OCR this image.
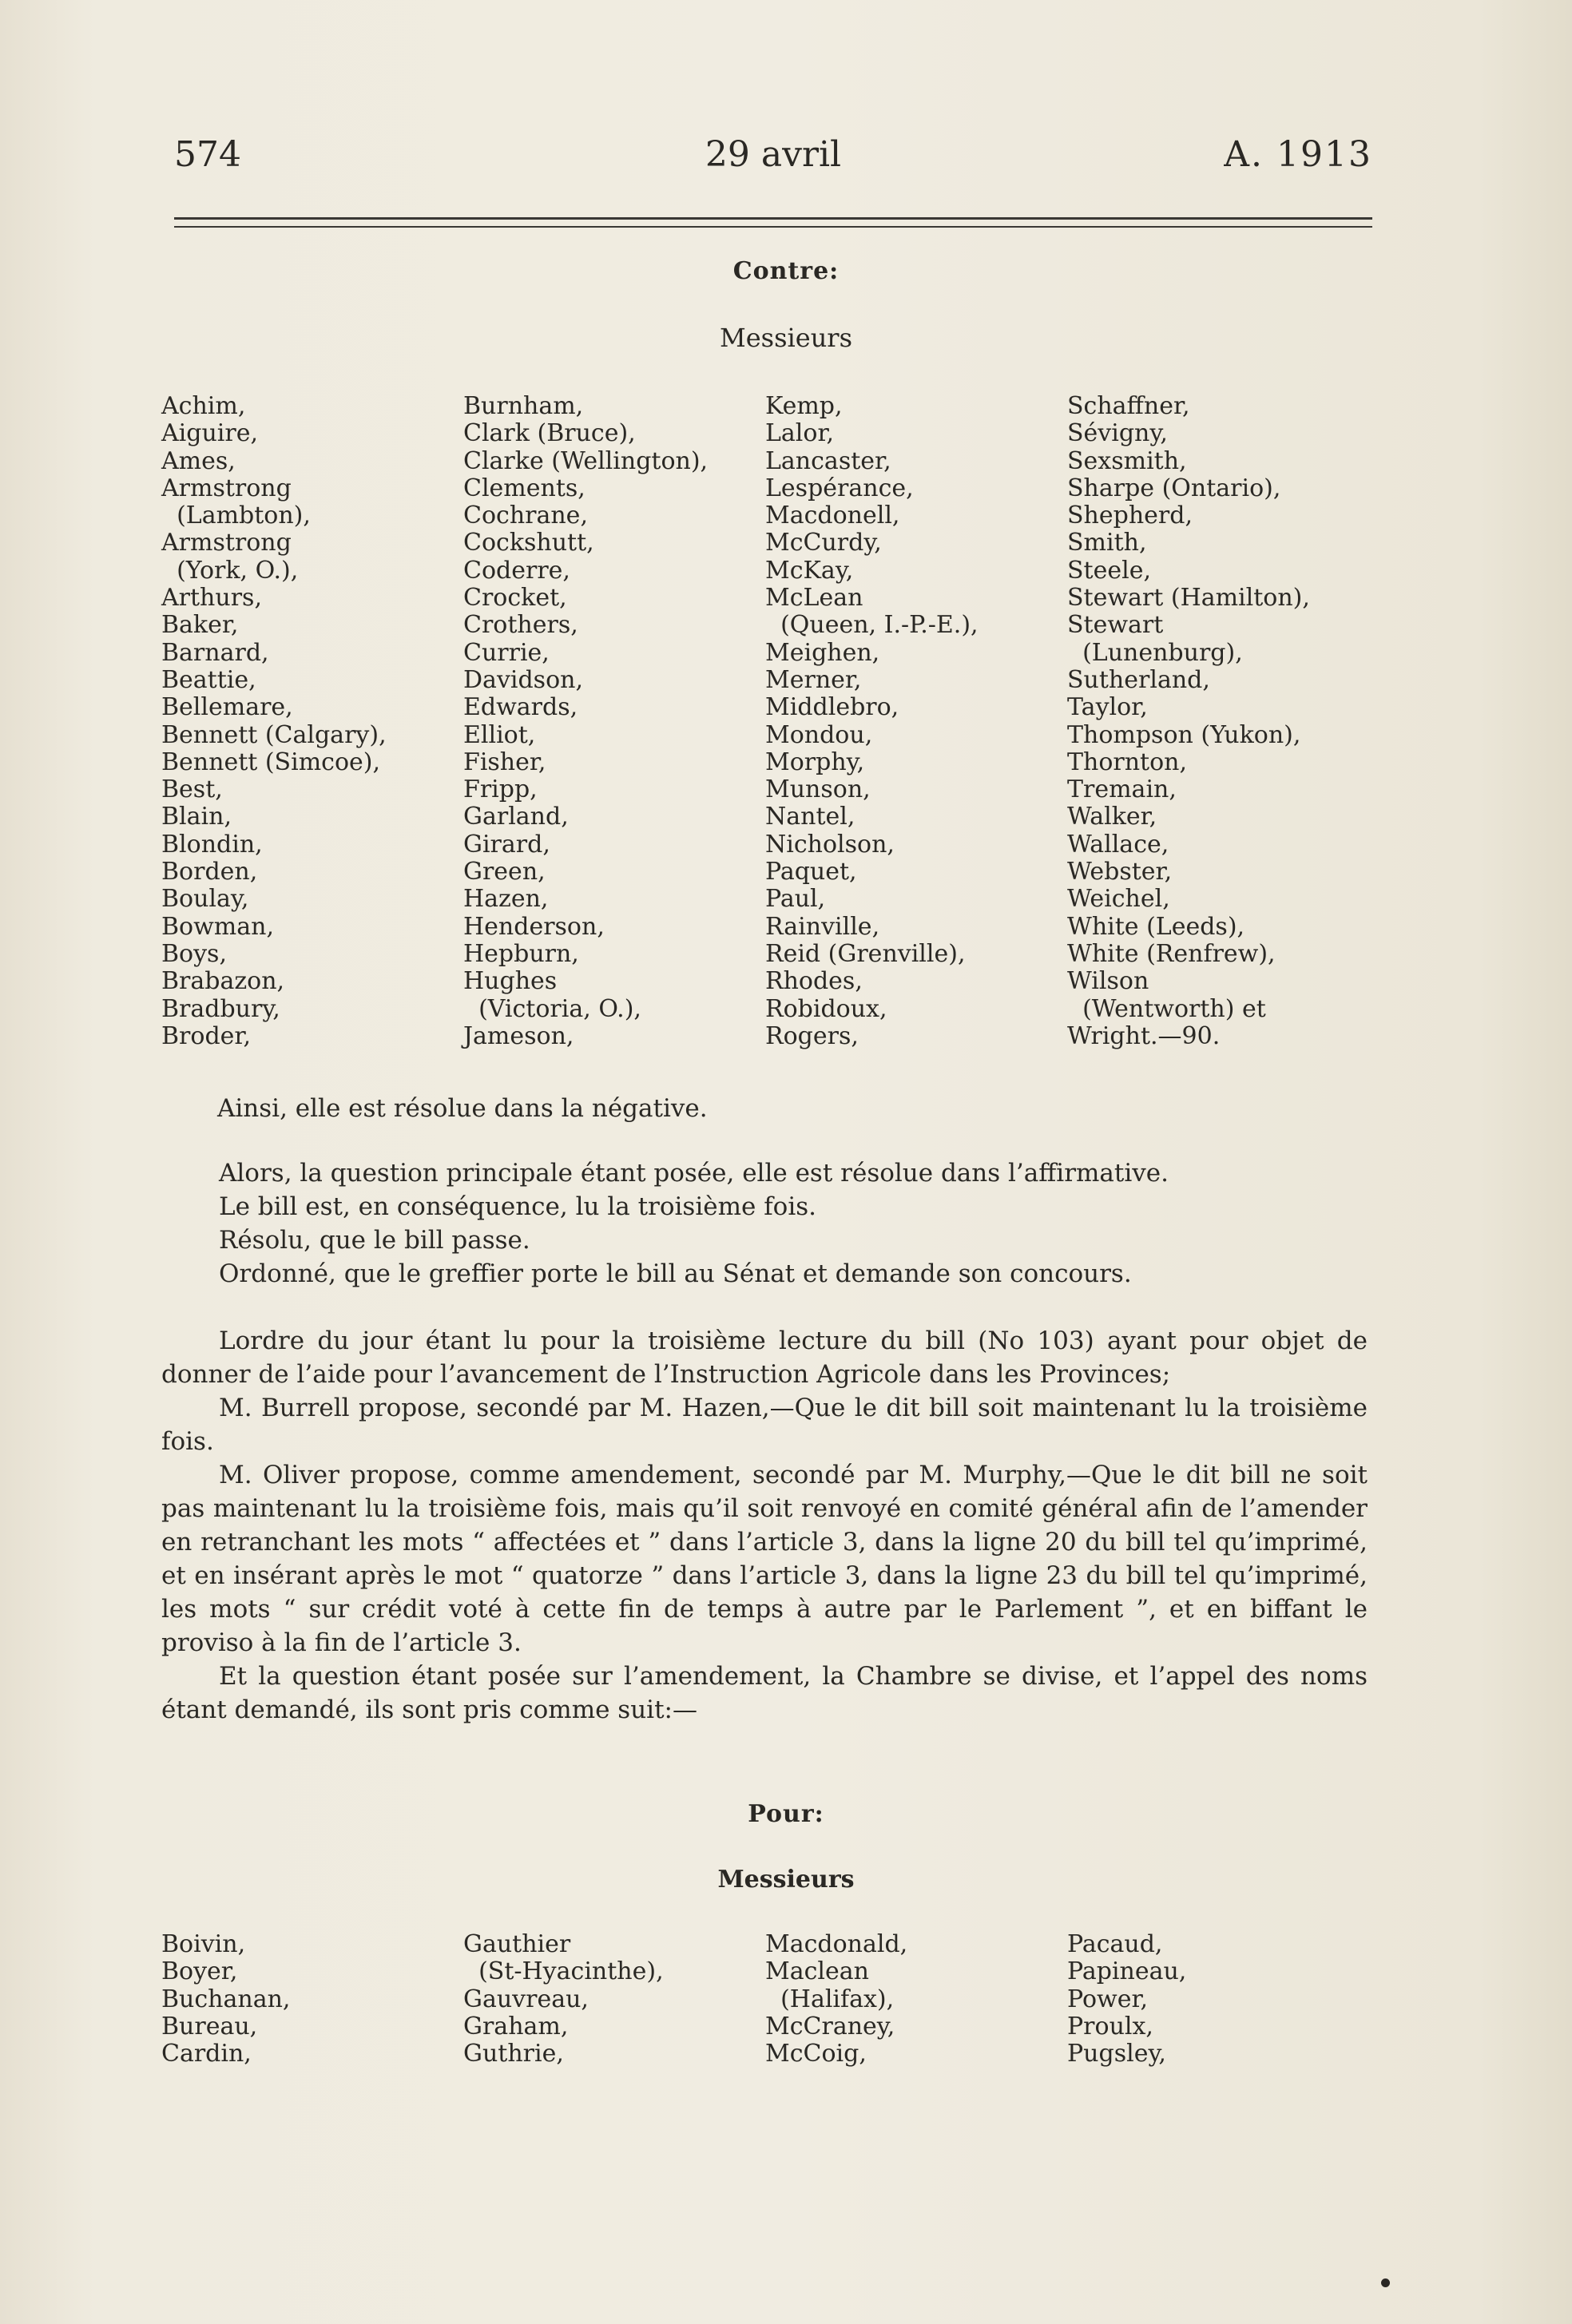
574	29 avril	A. 1913
Contre:
Messieurs
Achim,
Aiguire,
Ames,
Armstrong
(Lambton),
Armstrong
(York, O.),
Arthurs,
Baker,
Barnard,
Beattie,
Bellemare,
Bennett (Calgary),
Bennett (Simcoe),
Best,
Blain,
Blondin,
Borden,
Boulay,
Bowman,
Boys,
Brabazon,
Bradbury,
Broder,
Burnham,
Clark (Bruce),
Clarke (Wellington),
Clements,
Cochrane,
Cockshutt,
Coderre,
Crocket,
Crothers,
Currie,
Davidson,
Edwards,
Elliot,
Fisher,
Fripp,
Garland,
Girard,
Green,
Hazen,
Henderson,
Hepburn,
Hughes
(Victoria, O.),
Jameson,
Kemp,
Lalor,
Lancaster,
Lespérance,
Macdonell,
McCurdy,
McKay,
McLean
(Queen, I.-P.-E.),
Meighen,
Merner,
Middlebro,
Mondou,
Morphy,
Munson,
Nantel,
Nicholson,
Paquet,
Paul,
Rainville,
Reid (Grenville),
Rhodes,
Robidoux,
Rogers,
Schaffner,
Sévigny,
Sexsmith,
Sharpe (Ontario),
Shepherd,
Smith,
Steele,
Stewart (Hamilton),
Stewart
(Lunenburg),
Sutherland,
Taylor,
Thompson (Yukon),
Thornton,
Tremain,
Walker,
Wallace,
Webster,
Weichel,
White (Leeds),
White (Renfrew),
Wilson
(Wentworth) et
Wright.—90.

Ainsi, elle est résolue dans la négative.

Alors, la question principale étant posée, elle est résolue dans l’affirmative.

Le bill est, en conséquence, lu la troisième fois.

Résolu, que le bill passe.

Ordonné, que le greffier porte le bill au Sénat et demande son concours.

Lordre du jour étant lu pour la troisième lecture du bill (No 103) ayant pour objet de donner de l’aide pour l’avancement de l’Instruction Agricole dans les Provinces;

M. Burrell propose, secondé par M. Hazen,—Que le dit bill soit maintenant lu la troisième fois.

M. Oliver propose, comme amendement, secondé par M. Murphy,—Que le dit bill ne soit pas maintenant lu la troisième fois, mais qu’il soit renvoyé en comité général afin de l’amender en retranchant les mots “ affectées et ” dans l’article 3, dans la ligne 20 du bill tel qu’imprimé, et en insérant après le mot “ quatorze ” dans l’article 3, dans la ligne 23 du bill tel qu’imprimé, les mots “ sur crédit voté à cette fin de temps à autre par le Parlement ”, et en biffant le proviso à la fin de l’article 3.

Et la question étant posée sur l’amendement, la Chambre se divise, et l’appel des noms étant demandé, ils sont pris comme suit:—

Pour:
Messieurs
Boivin,
Boyer,
Buchanan,
Bureau,
Cardin,
Gauthier
(St-Hyacinthe),
Gauvreau,
Graham,
Guthrie,
Macdonald,
Maclean
(Halifax),
McCraney,
McCoig,
Pacaud,
Papineau,
Power,
Proulx,
Pugsley,
